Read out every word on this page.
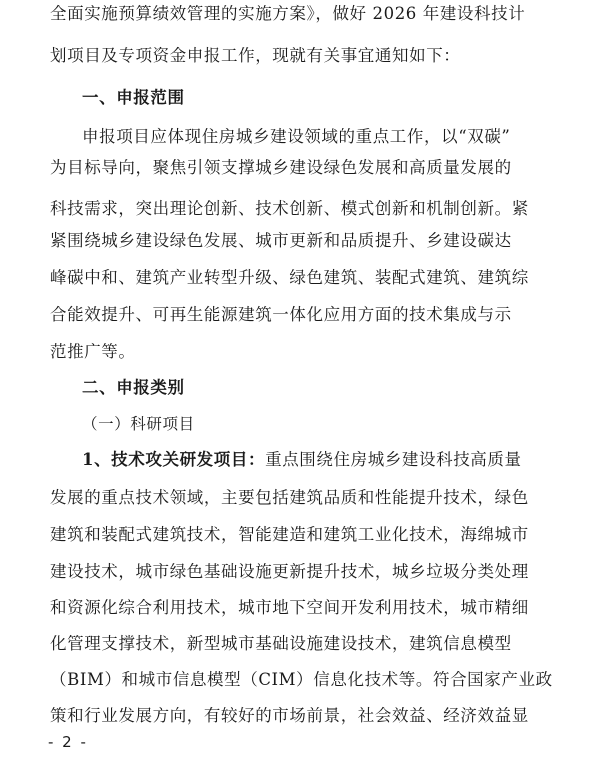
全面实施预算绩效管理的实施方案》，做好 2026 年建设科技计
划项目及专项资金申报工作，现就有关事宜通知如下：
一、申报范围
申报项目应体现住房城乡建设领域的重点工作，以“双碳”
为目标导向，聚焦引领支撑城乡建设绿色发展和高质量发展的
科技需求，突出理论创新、技术创新、模式创新和机制创新。紧
紧围绕城乡建设绿色发展、城市更新和品质提升、乡建设碳达
峰碳中和、建筑产业转型升级、绿色建筑、装配式建筑、建筑综
合能效提升、可再生能源建筑一体化应用方面的技术集成与示
范推广等。
二、申报类别
（一）科研项目
1、技术攻关研发项目：重点围绕住房城乡建设科技高质量
发展的重点技术领域，主要包括建筑品质和性能提升技术，绿色
建筑和装配式建筑技术，智能建造和建筑工业化技术，海绵城市
建设技术，城市绿色基础设施更新提升技术，城乡垃圾分类处理
和资源化综合利用技术，城市地下空间开发利用技术，城市精细
化管理支撑技术，新型城市基础设施建设技术，建筑信息模型
（BIM）和城市信息模型（CIM）信息化技术等。符合国家产业政
策和行业发展方向，有较好的市场前景，社会效益、经济效益显
- 2 -
